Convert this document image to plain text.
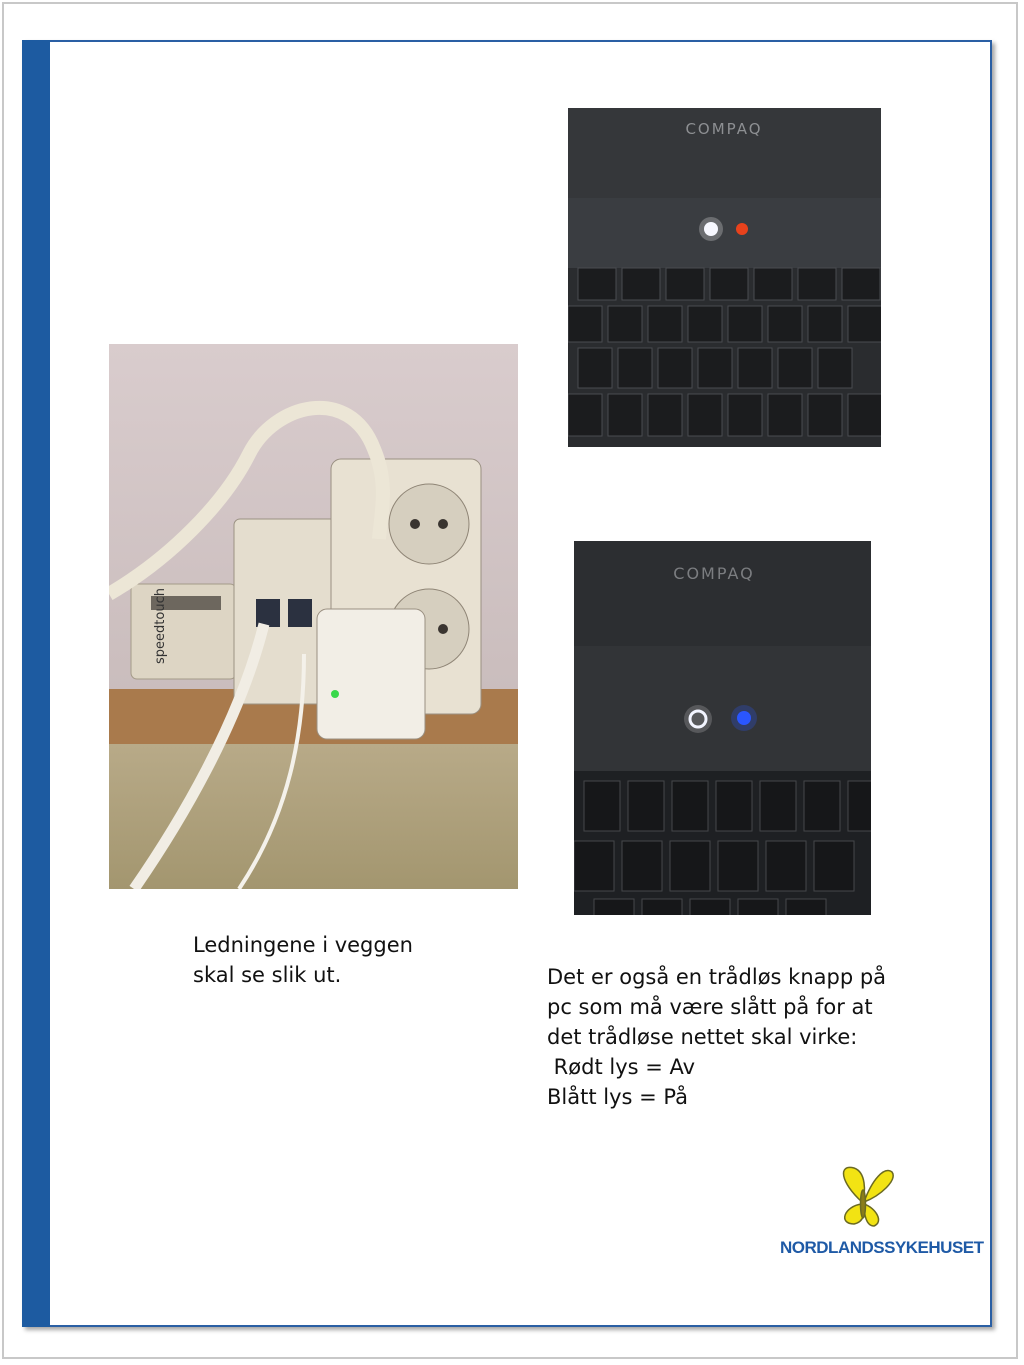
speedtouch
COMPAQ
COMPAQ
Ledningene i veggen
skal se slik ut.	Det er også en trådløs knapp på
pc som må være slått på for at
det trådløse nettet skal virke:
Rødt lys = Av
Blått lys = På
NORDLANDSSYKEHUSET
